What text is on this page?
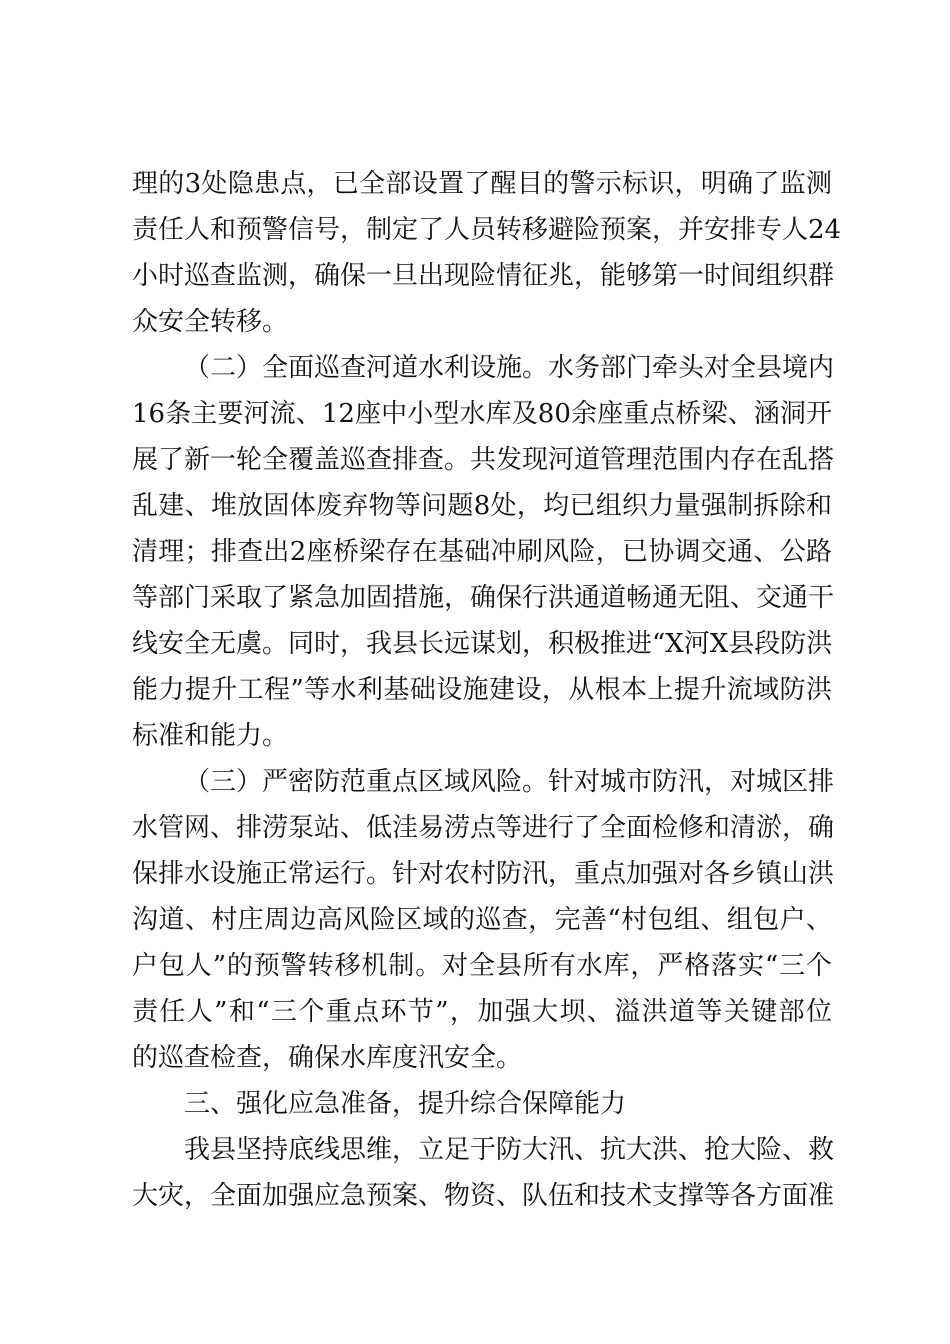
理的3处隐患点，已全部设置了醒目的警示标识，明确了监测
责任人和预警信号，制定了人员转移避险预案，并安排专人24
小时巡查监测，确保一旦出现险情征兆，能够第一时间组织群
众安全转移。
（二）全面巡查河道水利设施。水务部门牵头对全县境内
16条主要河流、12座中小型水库及80余座重点桥梁、涵洞开
展了新一轮全覆盖巡查排查。共发现河道管理范围内存在乱搭
乱建、堆放固体废弃物等问题8处，均已组织力量强制拆除和
清理；排查出2座桥梁存在基础冲刷风险，已协调交通、公路
等部门采取了紧急加固措施，确保行洪通道畅通无阻、交通干
线安全无虞。同时，我县长远谋划，积极推进“X河X县段防洪
能力提升工程”等水利基础设施建设，从根本上提升流域防洪
标准和能力。
（三）严密防范重点区域风险。针对城市防汛，对城区排
水管网、排涝泵站、低洼易涝点等进行了全面检修和清淤，确
保排水设施正常运行。针对农村防汛，重点加强对各乡镇山洪
沟道、村庄周边高风险区域的巡查，完善“村包组、组包户、
户包人”的预警转移机制。对全县所有水库，严格落实“三个
责任人”和“三个重点环节”，加强大坝、溢洪道等关键部位
的巡查检查，确保水库度汛安全。
三、强化应急准备，提升综合保障能力
我县坚持底线思维，立足于防大汛、抗大洪、抢大险、救
大灾，全面加强应急预案、物资、队伍和技术支撑等各方面准
